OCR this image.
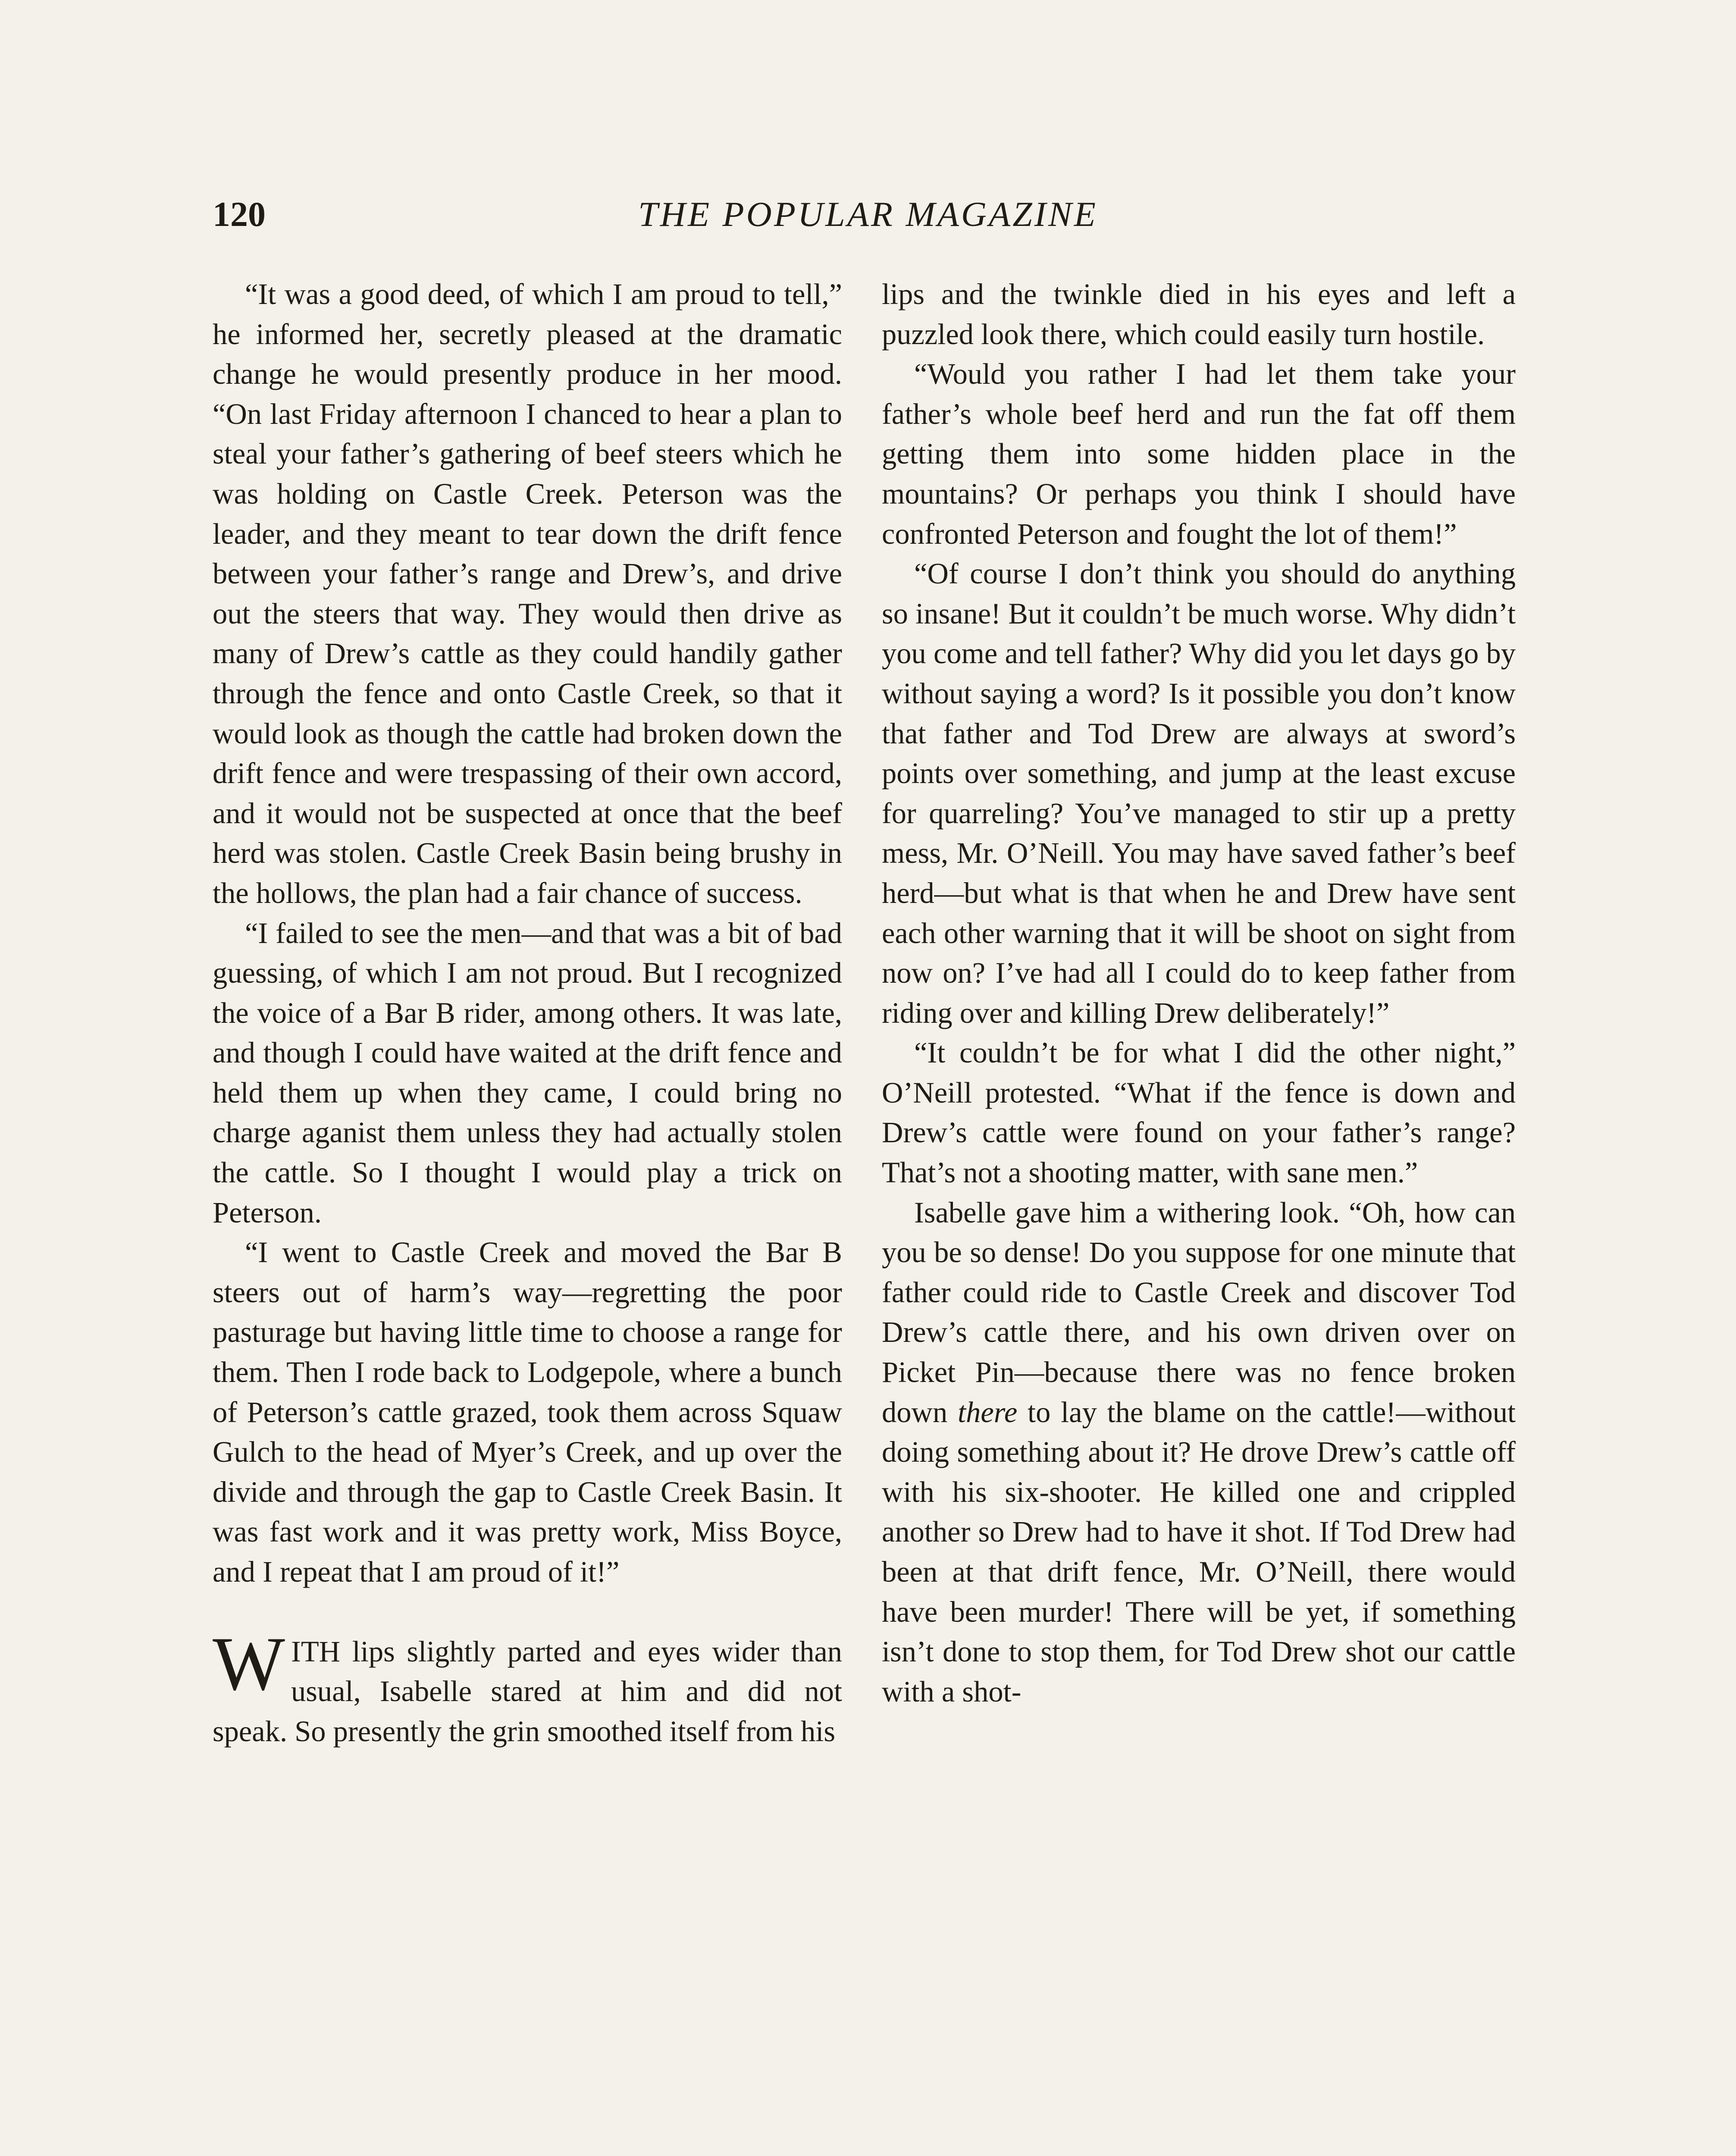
120	THE POPULAR MAGAZINE

“It was a good deed, of which I am proud to tell,” he informed her, secretly pleased at the dramatic change he would presently produce in her mood. “On last Friday afternoon I chanced to hear a plan to steal your father’s gathering of beef steers which he was holding on Castle Creek. Peterson was the leader, and they meant to tear down the drift fence between your father’s range and Drew’s, and drive out the steers that way. They would then drive as many of Drew’s cattle as they could handily gather through the fence and onto Castle Creek, so that it would look as though the cattle had broken down the drift fence and were trespassing of their own accord, and it would not be suspected at once that the beef herd was stolen. Castle Creek Basin being brushy in the hollows, the plan had a fair chance of success.

“I failed to see the men—and that was a bit of bad guessing, of which I am not proud. But I recognized the voice of a Bar B rider, among others. It was late, and though I could have waited at the drift fence and held them up when they came, I could bring no charge aganist them unless they had actually stolen the cattle. So I thought I would play a trick on Peterson.

“I went to Castle Creek and moved the Bar B steers out of harm’s way—regretting the poor pasturage but having little time to choose a range for them. Then I rode back to Lodgepole, where a bunch of Peterson’s cattle grazed, took them across Squaw Gulch to the head of Myer’s Creek, and up over the divide and through the gap to Castle Creek Basin. It was fast work and it was pretty work, Miss Boyce, and I repeat that I am proud of it!”

WITH lips slightly parted and eyes wider than usual, Isabelle stared at him and did not speak. So presently the grin smoothed itself from his

lips and the twinkle died in his eyes and left a puzzled look there, which could easily turn hostile.

“Would you rather I had let them take your father’s whole beef herd and run the fat off them getting them into some hidden place in the mountains? Or perhaps you think I should have confronted Peterson and fought the lot of them!”

“Of course I don’t think you should do anything so insane! But it couldn’t be much worse. Why didn’t you come and tell father? Why did you let days go by without saying a word? Is it possible you don’t know that father and Tod Drew are always at sword’s points over something, and jump at the least excuse for quarreling? You’ve managed to stir up a pretty mess, Mr. O’Neill. You may have saved father’s beef herd—but what is that when he and Drew have sent each other warning that it will be shoot on sight from now on? I’ve had all I could do to keep father from riding over and killing Drew deliberately!”

“It couldn’t be for what I did the other night,” O’Neill protested. “What if the fence is down and Drew’s cattle were found on your father’s range? That’s not a shooting matter, with sane men.”

Isabelle gave him a withering look. “Oh, how can you be so dense! Do you suppose for one minute that father could ride to Castle Creek and discover Tod Drew’s cattle there, and his own driven over on Picket Pin—because there was no fence broken down there to lay the blame on the cattle!—without doing something about it? He drove Drew’s cattle off with his six-shooter. He killed one and crippled another so Drew had to have it shot. If Tod Drew had been at that drift fence, Mr. O’Neill, there would have been murder! There will be yet, if something isn’t done to stop them, for Tod Drew shot our cattle with a shot-
